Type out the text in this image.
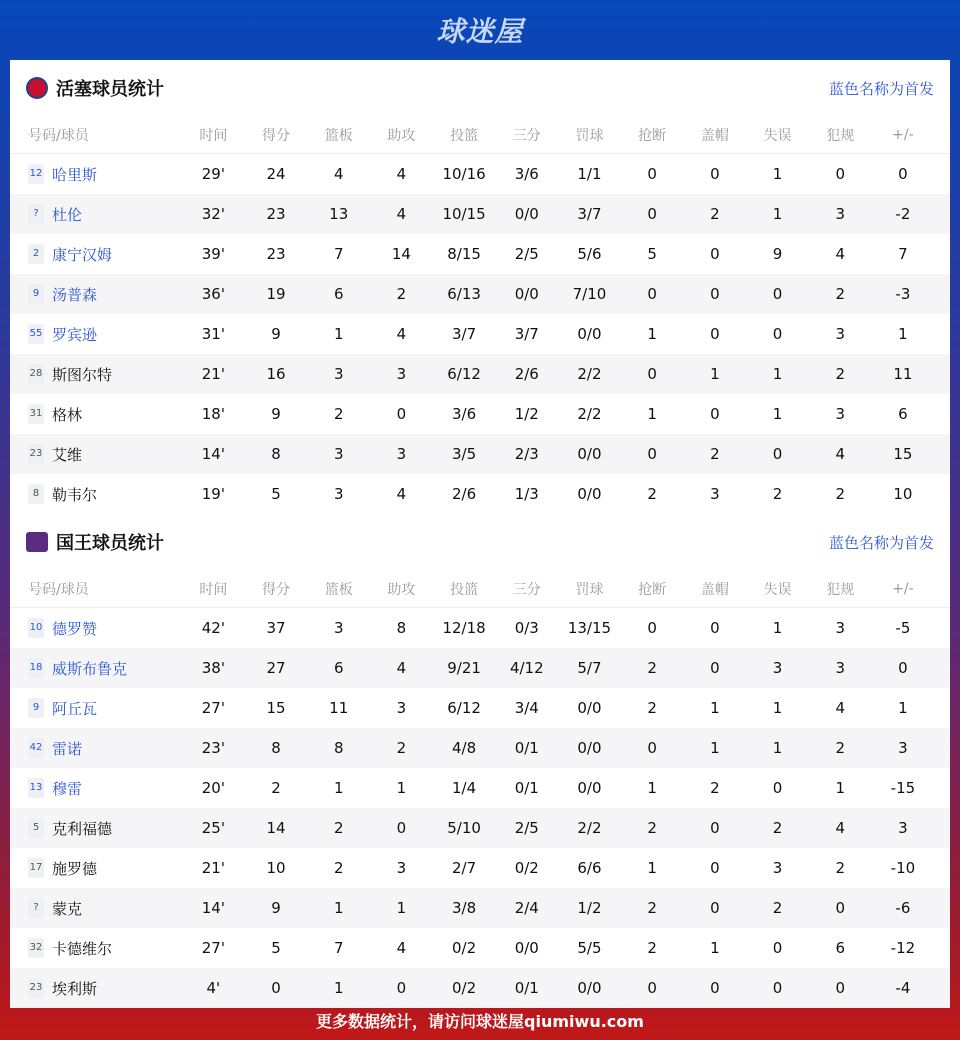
球迷屋
活塞球员统计	蓝色名称为首发
号码/球员	时间	得分	篮板	助攻	投篮	三分	罚球	抢断	盖帽	失误	犯规	+/-
12 哈里斯	29'	24	4	4	10/16	3/6	1/1	0	0	1	0	0
? 杜伦	32'	23	13	4	10/15	0/0	3/7	0	2	1	3	-2
2 康宁汉姆	39'	23	7	14	8/15	2/5	5/6	5	0	9	4	7
9 汤普森	36'	19	6	2	6/13	0/0	7/10	0	0	0	2	-3
55 罗宾逊	31'	9	1	4	3/7	3/7	0/0	1	0	0	3	1
28 斯图尔特	21'	16	3	3	6/12	2/6	2/2	0	1	1	2	11
31 格林	18'	9	2	0	3/6	1/2	2/2	1	0	1	3	6
23 艾维	14'	8	3	3	3/5	2/3	0/0	0	2	0	4	15
8 勒韦尔	19'	5	3	4	2/6	1/3	0/0	2	3	2	2	10
国王球员统计	蓝色名称为首发
号码/球员	时间	得分	篮板	助攻	投篮	三分	罚球	抢断	盖帽	失误	犯规	+/-
10 德罗赞	42'	37	3	8	12/18	0/3	13/15	0	0	1	3	-5
18 威斯布鲁克	38'	27	6	4	9/21	4/12	5/7	2	0	3	3	0
9 阿丘瓦	27'	15	11	3	6/12	3/4	0/0	2	1	1	4	1
42 雷诺	23'	8	8	2	4/8	0/1	0/0	0	1	1	2	3
13 穆雷	20'	2	1	1	1/4	0/1	0/0	1	2	0	1	-15
5 克利福德	25'	14	2	0	5/10	2/5	2/2	2	0	2	4	3
17 施罗德	21'	10	2	3	2/7	0/2	6/6	1	0	3	2	-10
? 蒙克	14'	9	1	1	3/8	2/4	1/2	2	0	2	0	-6
32 卡德维尔	27'	5	7	4	0/2	0/0	5/5	2	1	0	6	-12
23 埃利斯	4'	0	1	0	0/2	0/1	0/0	0	0	0	0	-4
更多数据统计，请访问球迷屋qiumiwu.com
